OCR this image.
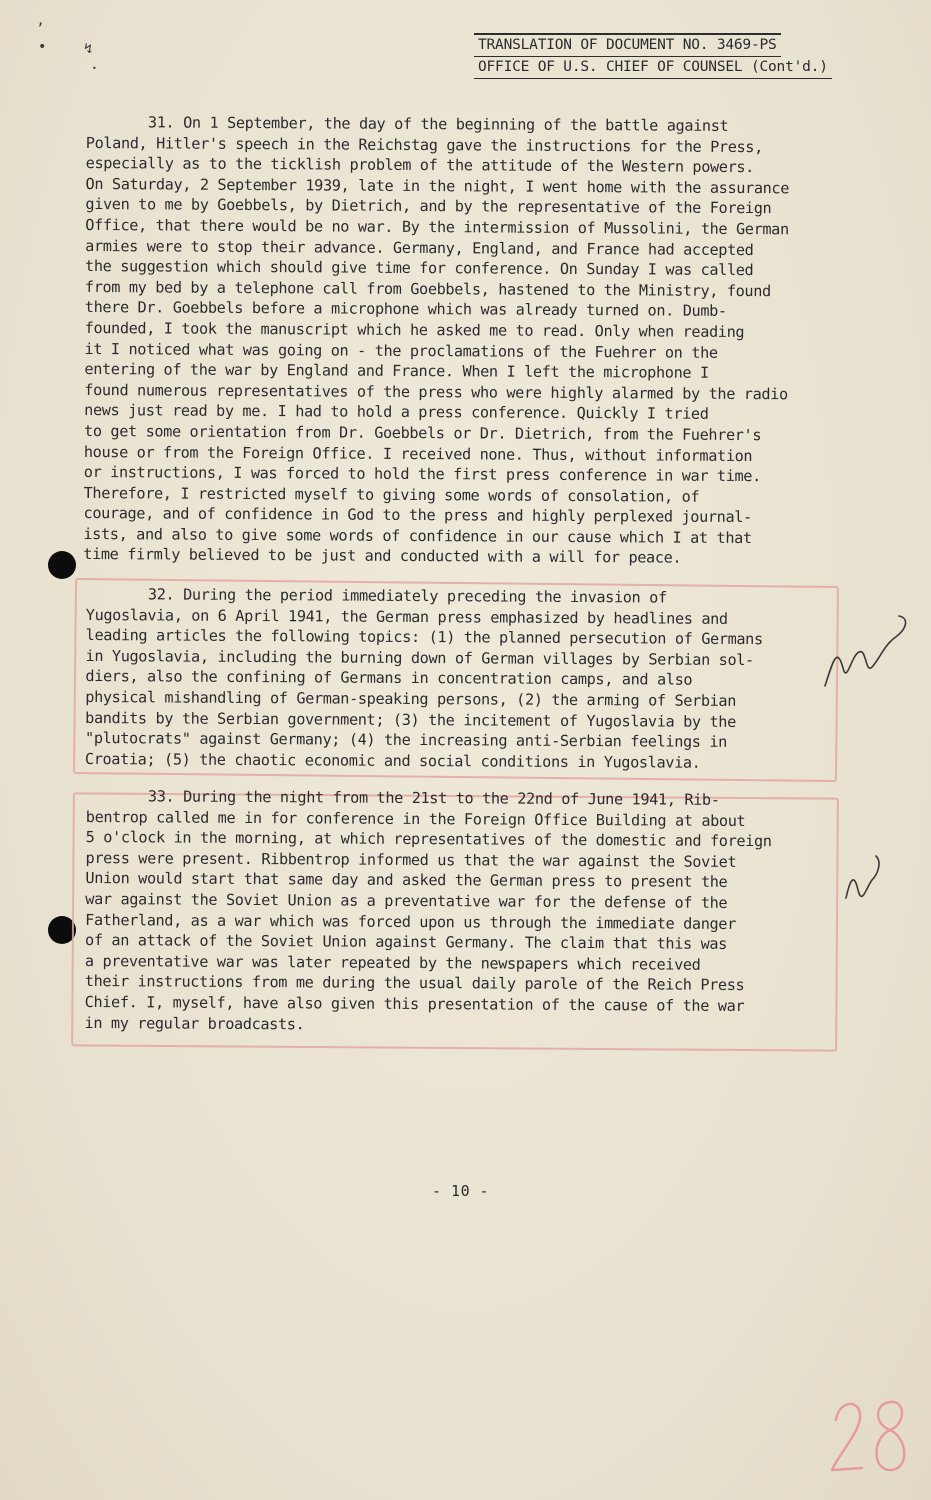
ʼ
•	↯
•
TRANSLATION OF DOCUMENT NO. 3469-PS
OFFICE OF U.S. CHIEF OF COUNSEL (Cont'd.)

31. On 1 September, the day of the beginning of the battle against
Poland, Hitler's speech in the Reichstag gave the instructions for the Press,
especially as to the ticklish problem of the attitude of the Western powers.
On Saturday, 2 September 1939, late in the night, I went home with the assurance
given to me by Goebbels, by Dietrich, and by the representative of the Foreign
Office, that there would be no war. By the intermission of Mussolini, the German
armies were to stop their advance. Germany, England, and France had accepted
the suggestion which should give time for conference. On Sunday I was called
from my bed by a telephone call from Goebbels, hastened to the Ministry, found
there Dr. Goebbels before a microphone which was already turned on. Dumb-
founded, I took the manuscript which he asked me to read. Only when reading
it I noticed what was going on - the proclamations of the Fuehrer on the
entering of the war by England and France. When I left the microphone I
found numerous representatives of the press who were highly alarmed by the radio
news just read by me. I had to hold a press conference. Quickly I tried
to get some orientation from Dr. Goebbels or Dr. Dietrich, from the Fuehrer's
house or from the Foreign Office. I received none. Thus, without information
or instructions, I was forced to hold the first press conference in war time.
Therefore, I restricted myself to giving some words of consolation, of
courage, and of confidence in God to the press and highly perplexed journal-
ists, and also to give some words of confidence in our cause which I at that
time firmly believed to be just and conducted with a will for peace.

32. During the period immediately preceding the invasion of
Yugoslavia, on 6 April 1941, the German press emphasized by headlines and
leading articles the following topics: (1) the planned persecution of Germans
in Yugoslavia, including the burning down of German villages by Serbian sol-
diers, also the confining of Germans in concentration camps, and also
physical mishandling of German-speaking persons, (2) the arming of Serbian
bandits by the Serbian government; (3) the incitement of Yugoslavia by the
"plutocrats" against Germany; (4) the increasing anti-Serbian feelings in
Croatia; (5) the chaotic economic and social conditions in Yugoslavia.

33. During the night from the 21st to the 22nd of June 1941, Rib-
bentrop called me in for conference in the Foreign Office Building at about
5 o'clock in the morning, at which representatives of the domestic and foreign
press were present. Ribbentrop informed us that the war against the Soviet
Union would start that same day and asked the German press to present the
war against the Soviet Union as a preventative war for the defense of the
Fatherland, as a war which was forced upon us through the immediate danger
of an attack of the Soviet Union against Germany. The claim that this was
a preventative war was later repeated by the newspapers which received
their instructions from me during the usual daily parole of the Reich Press
Chief. I, myself, have also given this presentation of the cause of the war
in my regular broadcasts.

- 10 -
